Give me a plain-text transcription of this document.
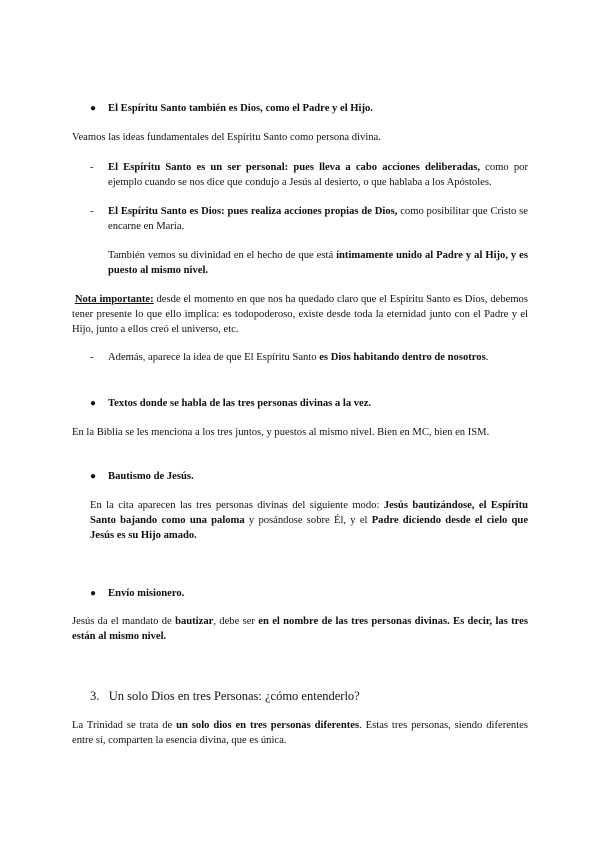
● El Espíritu Santo también es Dios, como el Padre y el Hijo.
Veamos las ideas fundamentales del Espíritu Santo como persona divina.
- El Espíritu Santo es un ser personal: pues lleva a cabo acciones deliberadas, como por ejemplo cuando se nos dice que condujo a Jesús al desierto, o que hablaba a los Apóstoles.
- El Espíritu Santo es Dios: pues realiza acciones propias de Dios, como posibilitar que Cristo se encarne en María.
También vemos su divinidad en el hecho de que está íntimamente unido al Padre y al Hijo, y es puesto al mismo nivel.
Nota importante: desde el momento en que nos ha quedado claro que el Espíritu Santo es Dios, debemos tener presente lo que ello implica: es todopoderoso, existe desde toda la eternidad junto con el Padre y el Hijo, junto a ellos creó el universo, etc.
- Además, aparece la idea de que El Espíritu Santo es Dios habitando dentro de nosotros.
● Textos donde se habla de las tres personas divinas a la vez.
En la Biblia se les menciona a los tres juntos, y puestos al mismo nivel. Bien en MC, bien en ISM.
● Bautismo de Jesús.
En la cita aparecen las tres personas divinas del siguiente modo: Jesús bautizándose, el Espíritu Santo bajando como una paloma y posándose sobre Él, y el Padre diciendo desde el cielo que Jesús es su Hijo amado.
● Envío misionero.
Jesús da el mandato de bautizar, debe ser en el nombre de las tres personas divinas. Es decir, las tres están al mismo nivel.
3.   Un solo Dios en tres Personas: ¿cómo entenderlo?
La Trinidad se trata de un solo dios en tres personas diferentes. Estas tres personas, siendo diferentes entre sí, comparten la esencia divina, que es única.
